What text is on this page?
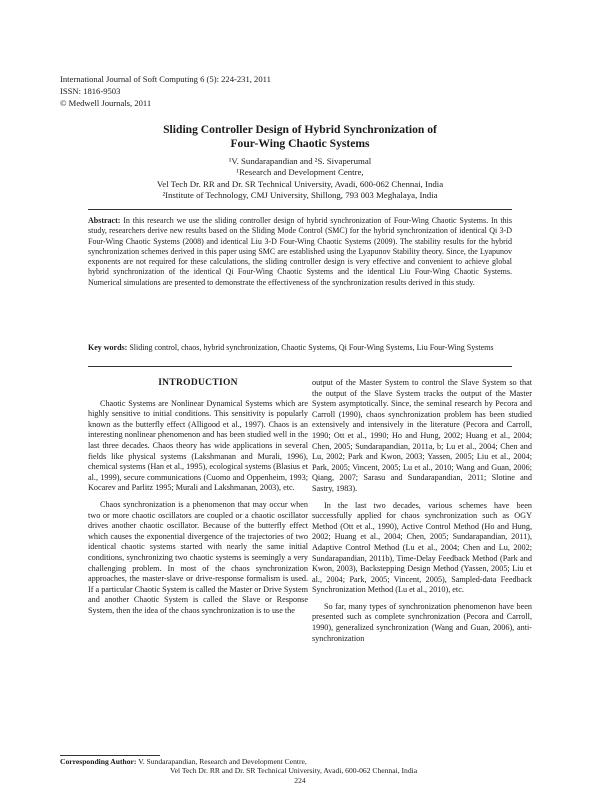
International Journal of Soft Computing 6 (5): 224-231, 2011
ISSN: 1816-9503
© Medwell Journals, 2011
Sliding Controller Design of Hybrid Synchronization of
Four-Wing Chaotic Systems
¹V. Sundarapandian and ²S. Sivaperumal
¹Research and Development Centre,
Vel Tech Dr. RR and Dr. SR Technical University, Avadi, 600-062 Chennai, India
²Institute of Technology, CMJ University, Shillong, 793 003 Meghalaya, India
Abstract: In this research we use the sliding controller design of hybrid synchronization of Four-Wing Chaotic Systems. In this study, researchers derive new results based on the Sliding Mode Control (SMC) for the hybrid synchronization of identical Qi 3-D Four-Wing Chaotic Systems (2008) and identical Liu 3-D Four-Wing Chaotic Systems (2009). The stability results for the hybrid synchronization schemes derived in this paper using SMC are established using the Lyapunov Stability theory. Since, the Lyapunov exponents are not required for these calculations, the sliding controller design is very effective and convenient to achieve global hybrid synchronization of the identical Qi Four-Wing Chaotic Systems and the identical Liu Four-Wing Chaotic Systems. Numerical simulations are presented to demonstrate the effectiveness of the synchronization results derived in this study.
Key words: Sliding control, chaos, hybrid synchronization, Chaotic Systems, Qi Four-Wing Systems, Liu Four-Wing Systems
INTRODUCTION

Chaotic Systems are Nonlinear Dynamical Systems which are highly sensitive to initial conditions. This sensitivity is popularly known as the butterfly effect (Alligood et al., 1997). Chaos is an interesting nonlinear phenomenon and has been studied well in the last three decades. Chaos theory has wide applications in several fields like physical systems (Lakshmanan and Murali, 1996), chemical systems (Han et al., 1995), ecological systems (Blasius et al., 1999), secure communications (Cuomo and Oppenheim, 1993; Kocarev and Parlitz 1995; Murali and Lakshmanan, 2003), etc.

Chaos synchronization is a phenomenon that may occur when two or more chaotic oscillators are coupled or a chaotic oscillator drives another chaotic oscillator. Because of the butterfly effect which causes the exponential divergence of the trajectories of two identical chaotic systems started with nearly the same initial conditions, synchronizing two chaotic systems is seemingly a very challenging problem. In most of the chaos synchronization approaches, the master-slave or drive-response formalism is used. If a particular Chaotic System is called the Master or Drive System and another Chaotic System is called the Slave or Response System, then the idea of the chaos synchronization is to use the

output of the Master System to control the Slave System so that the output of the Slave System tracks the output of the Master System asymptotically. Since, the seminal research by Pecora and Carroll (1990), chaos synchronization problem has been studied extensively and intensively in the literature (Pecora and Carroll, 1990; Ott et al., 1990; Ho and Hung, 2002; Huang et al., 2004; Chen, 2005; Sundarapandian, 2011a, b; Lu et al., 2004; Chen and Lu, 2002; Park and Kwon, 2003; Yassen, 2005; Liu et al., 2004; Park, 2005; Vincent, 2005; Lu et al., 2010; Wang and Guan, 2006; Qiang, 2007; Sarasu and Sundarapandian, 2011; Slotine and Sastry, 1983).

In the last two decades, various schemes have been successfully applied for chaos synchronization such as OGY Method (Ott et al., 1990), Active Control Method (Ho and Hung, 2002; Huang et al., 2004; Chen, 2005; Sundarapandian, 2011), Adaptive Control Method (Lu et al., 2004; Chen and Lu, 2002; Sundarapandian, 2011b), Time-Delay Feedback Method (Park and Kwon, 2003), Backstepping Design Method (Yassen, 2005; Liu et al., 2004; Park, 2005; Vincent, 2005), Sampled-data Feedback Synchronization Method (Lu et al., 2010), etc.

So far, many types of synchronization phenomenon have been presented such as complete synchronization (Pecora and Carroll, 1990), generalized synchronization (Wang and Guan, 2006), anti-synchronization

Corresponding Author: V. Sundarapandian, Research and Development Centre,
Vel Tech Dr. RR and Dr. SR Technical University, Avadi, 600-062 Chennai, India
224
